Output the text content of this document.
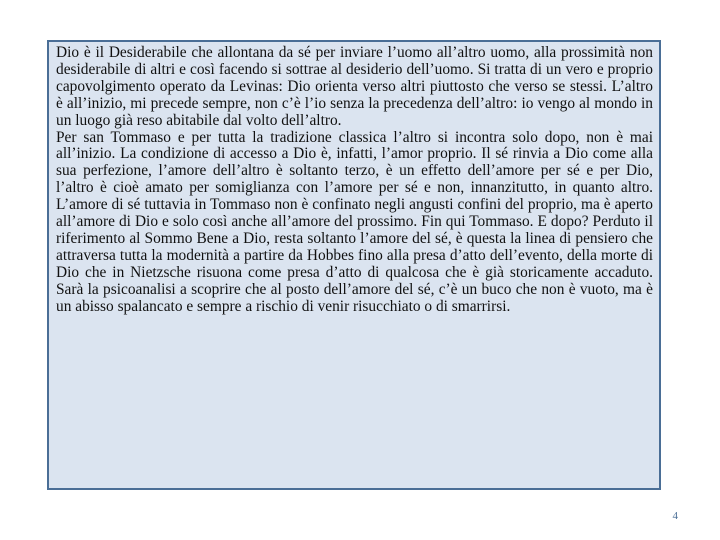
Dio è il Desiderabile che allontana da sé per inviare l’uomo all’altro uomo, alla prossimità non desiderabile di altri e così facendo si sottrae al desiderio dell’uomo. Si tratta di un vero e proprio capovolgimento operato da Levinas: Dio orienta verso altri piuttosto che verso se stessi. L’altro è all’inizio, mi precede sempre, non c’è l’io senza la precedenza dell’altro: io vengo al mondo in un luogo già reso abitabile dal volto dell’altro.

Per san Tommaso e per tutta la tradizione classica l’altro si incontra solo dopo, non è mai all’inizio. La condizione di accesso a Dio è, infatti, l’amor proprio. Il sé rinvia a Dio come alla sua perfezione, l’amore dell’altro è soltanto terzo, è un effetto dell’amore per sé e per Dio, l’altro è cioè amato per somiglianza con l’amore per sé e non, innanzitutto, in quanto altro. L’amore di sé tuttavia in Tommaso non è confinato negli angusti confini del proprio, ma è aperto all’amore di Dio e solo così anche all’amore del prossimo. Fin qui Tommaso. E dopo? Perduto il riferimento al Sommo Bene a Dio, resta soltanto l’amore del sé, è questa la linea di pensiero che attraversa tutta la modernità a partire da Hobbes fino alla presa d’atto dell’evento, della morte di Dio che in Nietzsche risuona come presa d’atto di qualcosa che è già storicamente accaduto. Sarà la psicoanalisi a scoprire che al posto dell’amore del sé, c’è un buco che non è vuoto, ma è un abisso spalancato e sempre a rischio di venir risucchiato o di smarrirsi.

4
